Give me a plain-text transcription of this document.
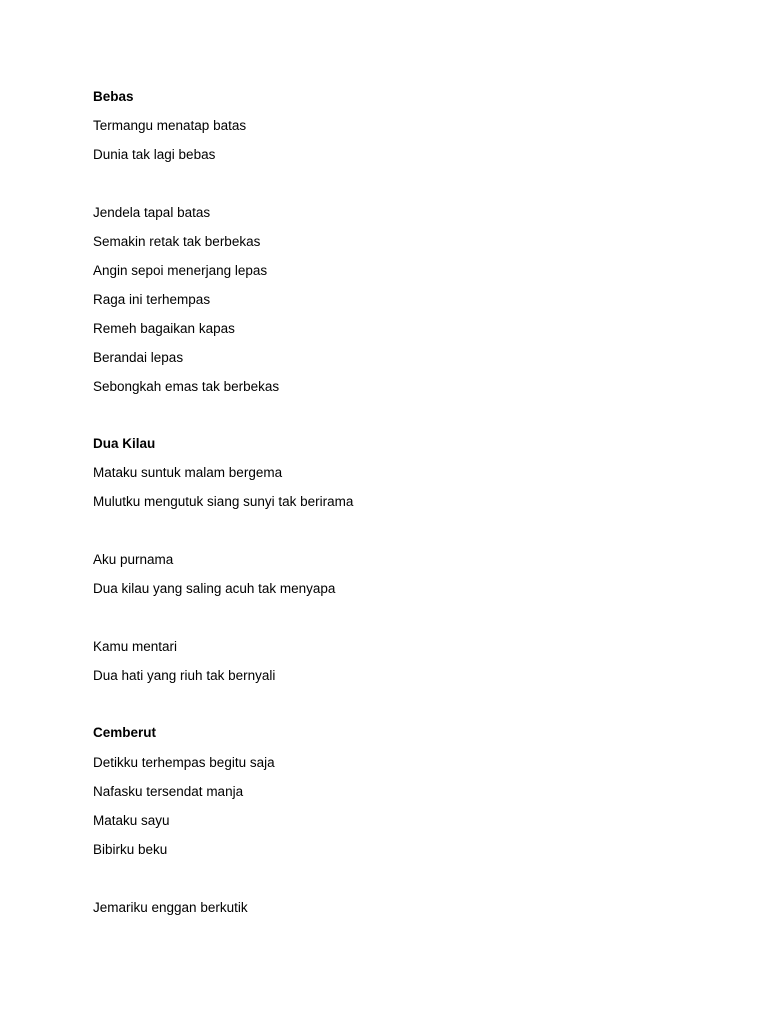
Bebas
Termangu menatap batas
Dunia tak lagi bebas
Jendela tapal batas
Semakin retak tak berbekas
Angin sepoi menerjang lepas
Raga ini terhempas
Remeh bagaikan kapas
Berandai lepas
Sebongkah emas tak berbekas
Dua Kilau
Mataku suntuk malam bergema
Mulutku mengutuk siang sunyi tak berirama
Aku purnama
Dua kilau yang saling acuh tak menyapa
Kamu mentari
Dua hati yang riuh tak bernyali
Cemberut
Detikku terhempas begitu saja
Nafasku tersendat manja
Mataku sayu
Bibirku beku
Jemariku enggan berkutik
